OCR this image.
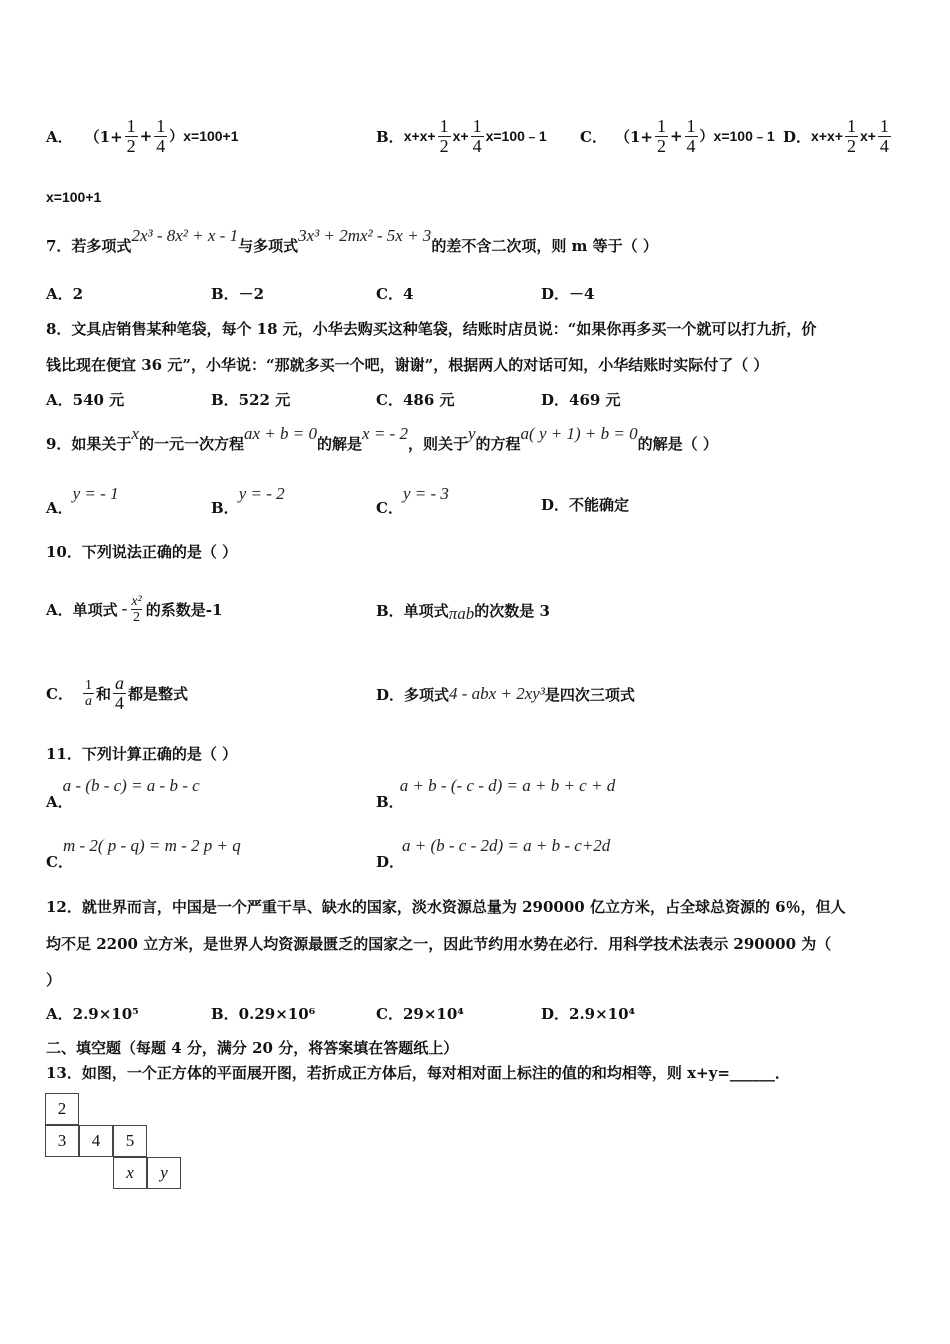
A． $(1+ \frac{1}{2} + \frac{1}{4} )x=100+1$	B． $x+x+ \frac{1}{2} x+ \frac{1}{4}$ x=100﹣1 C． （$1+ \frac{1}{2} + \frac{1}{4}$ ）x=100﹣1 D． $x+x+ \frac{1}{2} x+ \frac{1}{4}$
x=100+1
7．若多项式
2x³ - 8x² + x - 1
与多项式
3x³ + 2mx² - 5x + 3
的差不含二次项，则 m 等于（ ）
A．2	B．－2	C．4	D．－4
8．文具店销售某种笔袋，每个 18 元，小华去购买这种笔袋，结账时店员说：“如果你再多买一个就可以打九折，价
钱比现在便宜 36 元”，小华说：“那就多买一个吧，谢谢”，根据两人的对话可知，小华结账时实际付了（ ）
A．540 元	B．522 元	C．486 元	D．469 元
9．如果关于
x
的一元一次方程
ax + b = 0
的解是
x = - 2
，则关于
y
的方程
a( y + 1) + b = 0
的解是（ ）
A．
y = - 1
B．
y = - 2
C．
y = - 3
D．不能确定
10．下列说法正确的是（ ）
A．单项式 - $\frac{\text{x²}}{2}$ 的系数是-1	B．单项式 πab 的次数是 3
C． $\frac{1}{a}$ 和 $\frac{a}{4}$ 都是整式	D．多项式 4 - abx + 2xy³ 是四次三项式
11．下列计算正确的是（ ）
A．
a - (b - c) = a - b - c
B．
a + b - (- c - d) = a + b + c + d
C．
m - 2( p - q) = m - 2 p + q
D．
a + (b - c - 2d) = a + b - c+2d
12．就世界而言，中国是一个严重干旱、缺水的国家，淡水资源总量为 290000 亿立方米，占全球总资源的 6％，但人
均不足 2200 立方米，是世界人均资源最匮乏的国家之一，因此节约用水势在必行．用科学技术法表示 290000 为（
）
A．2.9×10⁵	B．0.29×10⁶	C．29×10⁴	D．2.9×10⁴
二、填空题（每题 4 分，满分 20 分，将答案填在答题纸上）
13．如图，一个正方体的平面展开图，若折成正方体后，每对相对面上标注的值的和均相等，则 x+y=______．
2
3	4	5
x	y
